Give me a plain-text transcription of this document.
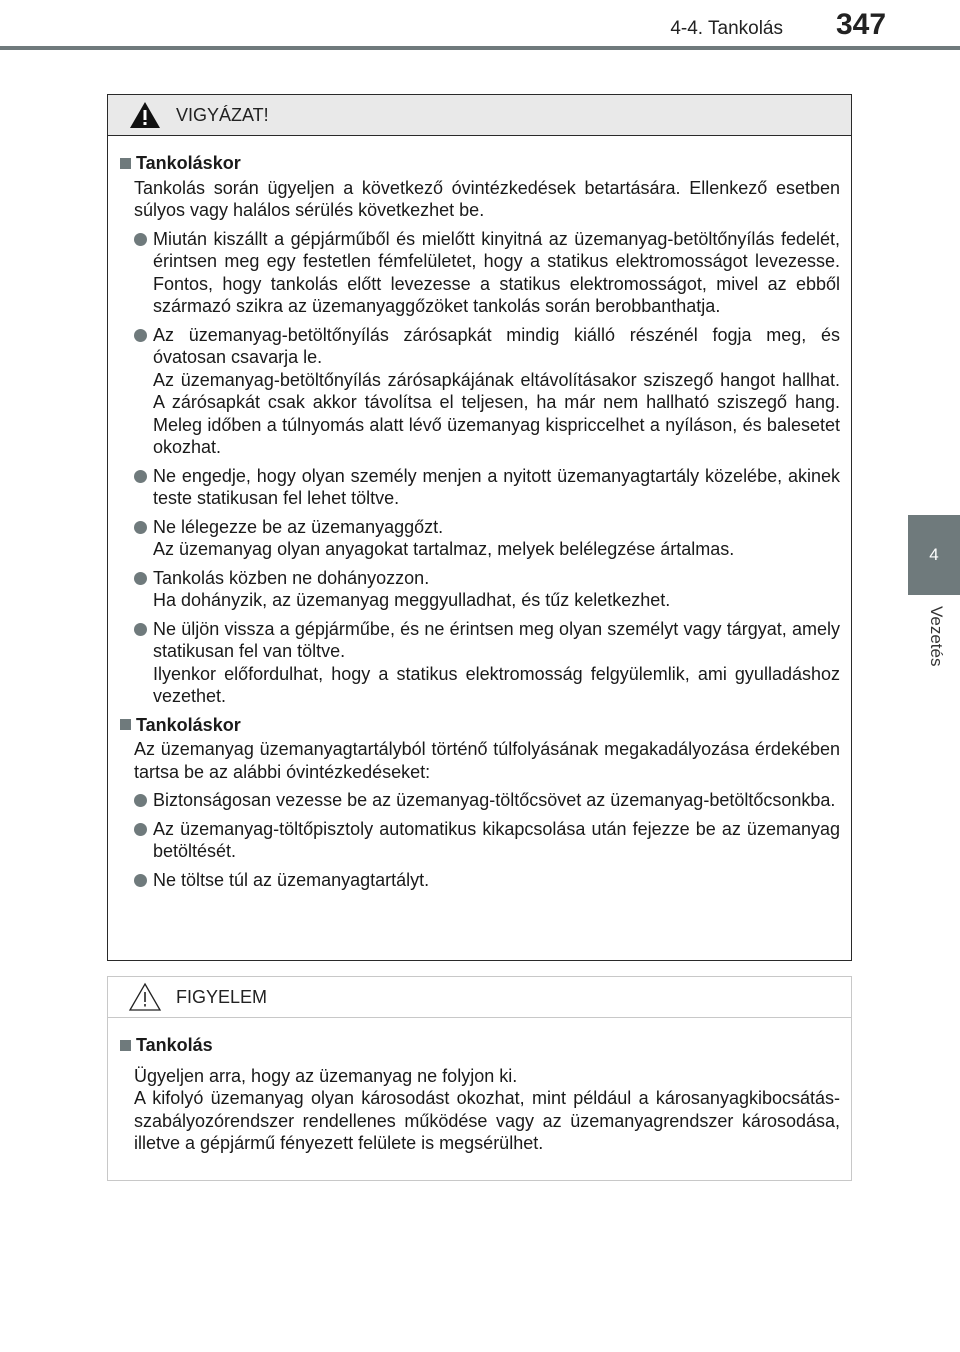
4-4. Tankolás 347
4
Vezetés
VIGYÁZAT!
Tankoláskor
Tankolás során ügyeljen a következő óvintézkedések betartására. Ellenkező esetben súlyos vagy halálos sérülés következhet be.
Miután kiszállt a gépjárműből és mielőtt kinyitná az üzemanyag-betöltőnyílás fedelét, érintsen meg egy festetlen fémfelületet, hogy a statikus elektromosságot levezesse. Fontos, hogy tankolás előtt levezesse a statikus elektromosságot, mivel az ebből származó szikra az üzemanyaggőzöket tankolás során berobbanthatja.
Az üzemanyag-betöltőnyílás zárósapkát mindig kiálló részénél fogja meg, és óvatosan csavarja le.
Az üzemanyag-betöltőnyílás zárósapkájának eltávolításakor sziszegő hangot hallhat. A zárósapkát csak akkor távolítsa el teljesen, ha már nem hallható sziszegő hang. Meleg időben a túlnyomás alatt lévő üzemanyag kispriccelhet a nyíláson, és balesetet okozhat.
Ne engedje, hogy olyan személy menjen a nyitott üzemanyagtartály közelébe, akinek teste statikusan fel lehet töltve.
Ne lélegezze be az üzemanyaggőzt.
Az üzemanyag olyan anyagokat tartalmaz, melyek belélegzése ártalmas.
Tankolás közben ne dohányozzon.
Ha dohányzik, az üzemanyag meggyulladhat, és tűz keletkezhet.
Ne üljön vissza a gépjárműbe, és ne érintsen meg olyan személyt vagy tárgyat, amely statikusan fel van töltve.
Ilyenkor előfordulhat, hogy a statikus elektromosság felgyülemlik, ami gyulladáshoz vezethet.
Tankoláskor
Az üzemanyag üzemanyagtartályból történő túlfolyásának megakadályozása érdekében tartsa be az alábbi óvintézkedéseket:
Biztonságosan vezesse be az üzemanyag-töltőcsövet az üzemanyag-betöltőcsonkba.
Az üzemanyag-töltőpisztoly automatikus kikapcsolása után fejezze be az üzemanyag betöltését.
Ne töltse túl az üzemanyagtartályt.
FIGYELEM
Tankolás
Ügyeljen arra, hogy az üzemanyag ne folyjon ki.
A kifolyó üzemanyag olyan károsodást okozhat, mint például a károsanyagkibocsátás-szabályozórendszer rendellenes működése vagy az üzemanyagrendszer károsodása, illetve a gépjármű fényezett felülete is megsérülhet.
